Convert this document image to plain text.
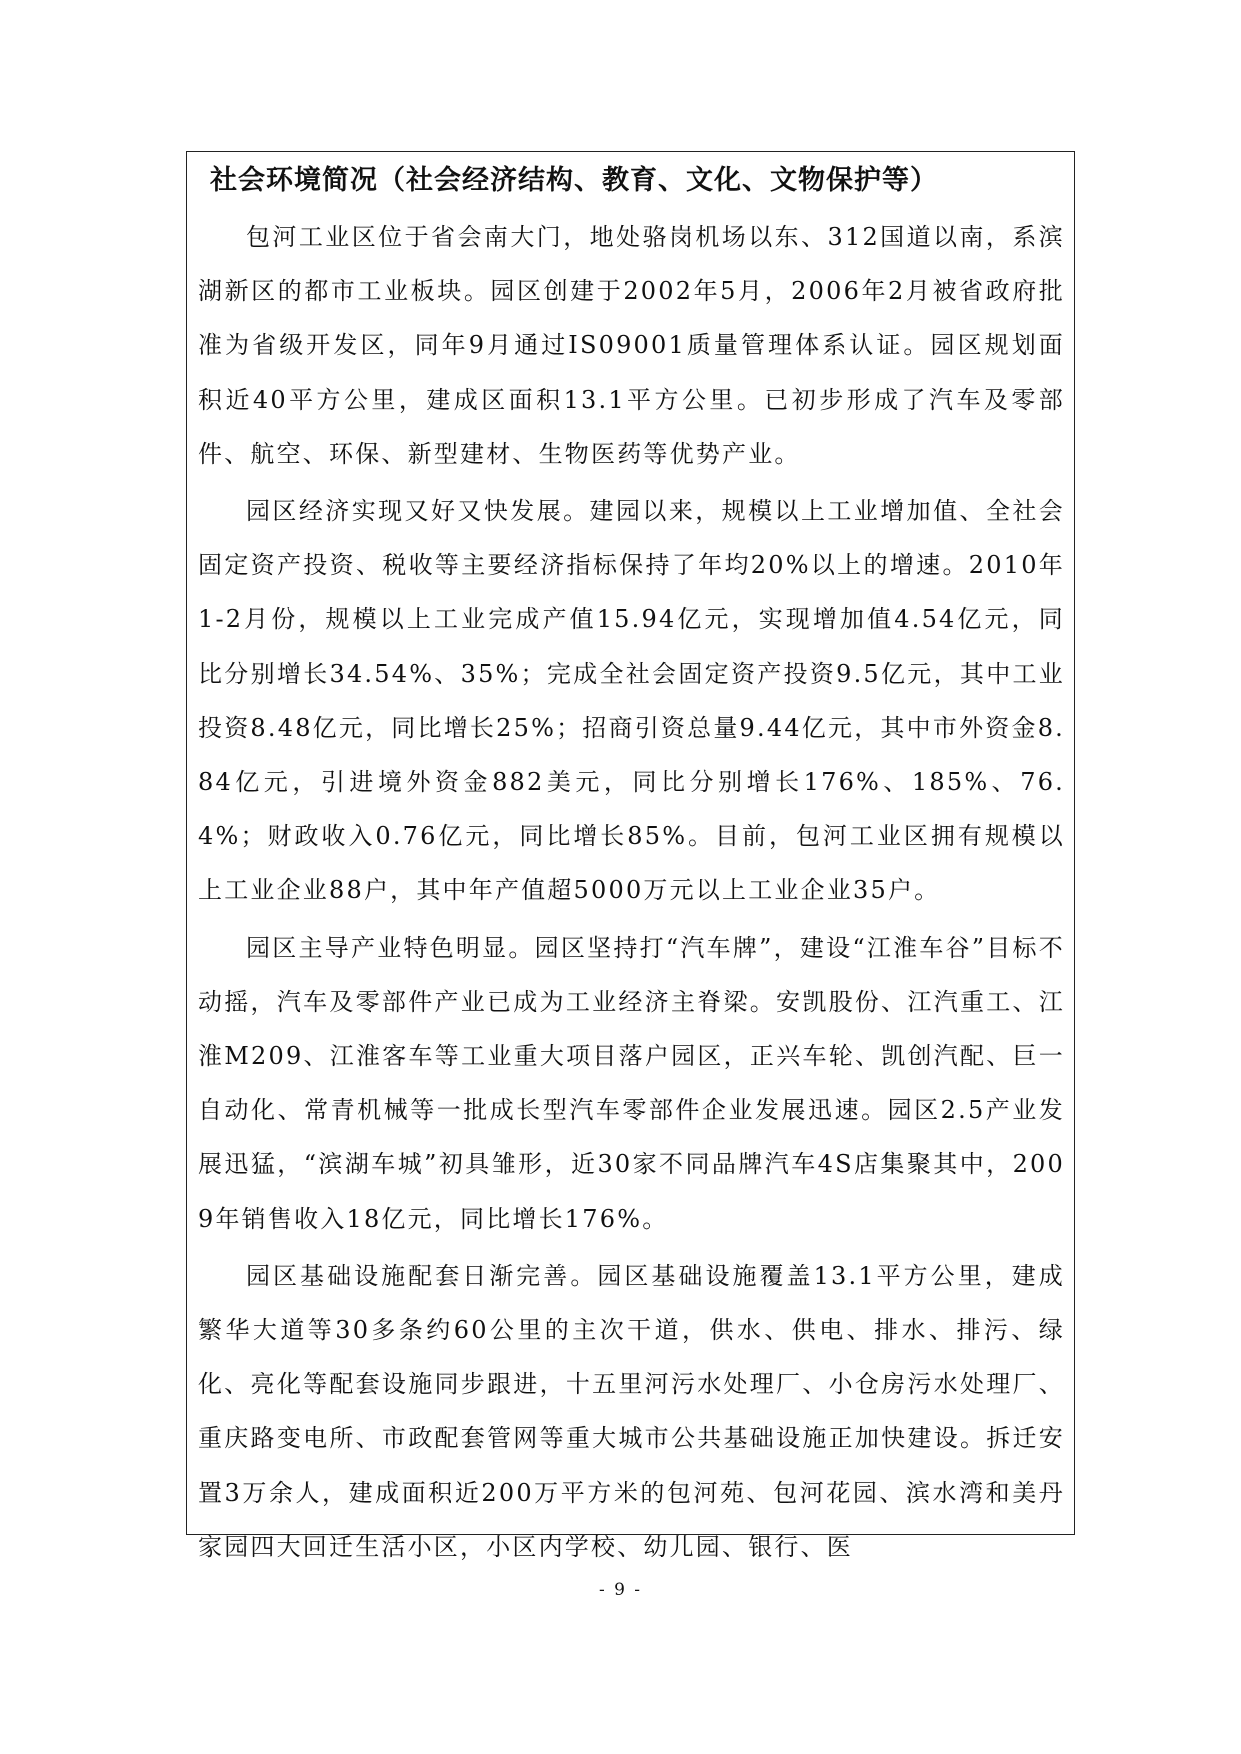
社会环境简况（社会经济结构、教育、文化、文物保护等）

包河工业区位于省会南大门，地处骆岗机场以东、312国道以南，系滨湖新区的都市工业板块。园区创建于2002年5月，2006年2月被省政府批准为省级开发区，同年9月通过IS09001质量管理体系认证。园区规划面积近40平方公里，建成区面积13.1平方公里。已初步形成了汽车及零部件、航空、环保、新型建材、生物医药等优势产业。

园区经济实现又好又快发展。建园以来，规模以上工业增加值、全社会固定资产投资、税收等主要经济指标保持了年均20%以上的增速。2010年1-2月份，规模以上工业完成产值15.94亿元，实现增加值4.54亿元，同比分别增长34.54%、35%；完成全社会固定资产投资9.5亿元，其中工业投资8.48亿元，同比增长25%；招商引资总量9.44亿元，其中市外资金8.84亿元，引进境外资金882美元，同比分别增长176%、185%、76.4%；财政收入0.76亿元，同比增长85%。目前，包河工业区拥有规模以上工业企业88户，其中年产值超5000万元以上工业企业35户。

园区主导产业特色明显。园区坚持打“汽车牌”，建设“江淮车谷”目标不动摇，汽车及零部件产业已成为工业经济主脊梁。安凯股份、江汽重工、江淮M209、江淮客车等工业重大项目落户园区，正兴车轮、凯创汽配、巨一自动化、常青机械等一批成长型汽车零部件企业发展迅速。园区2.5产业发展迅猛，“滨湖车城”初具雏形，近30家不同品牌汽车4S店集聚其中，2009年销售收入18亿元，同比增长176%。

园区基础设施配套日渐完善。园区基础设施覆盖13.1平方公里，建成繁华大道等30多条约60公里的主次干道，供水、供电、排水、排污、绿化、亮化等配套设施同步跟进，十五里河污水处理厂、小仓房污水处理厂、重庆路变电所、市政配套管网等重大城市公共基础设施正加快建设。拆迁安置3万余人，建成面积近200万平方米的包河苑、包河花园、滨水湾和美丹家园四大回迁生活小区，小区内学校、幼儿园、银行、医

- 9 -
